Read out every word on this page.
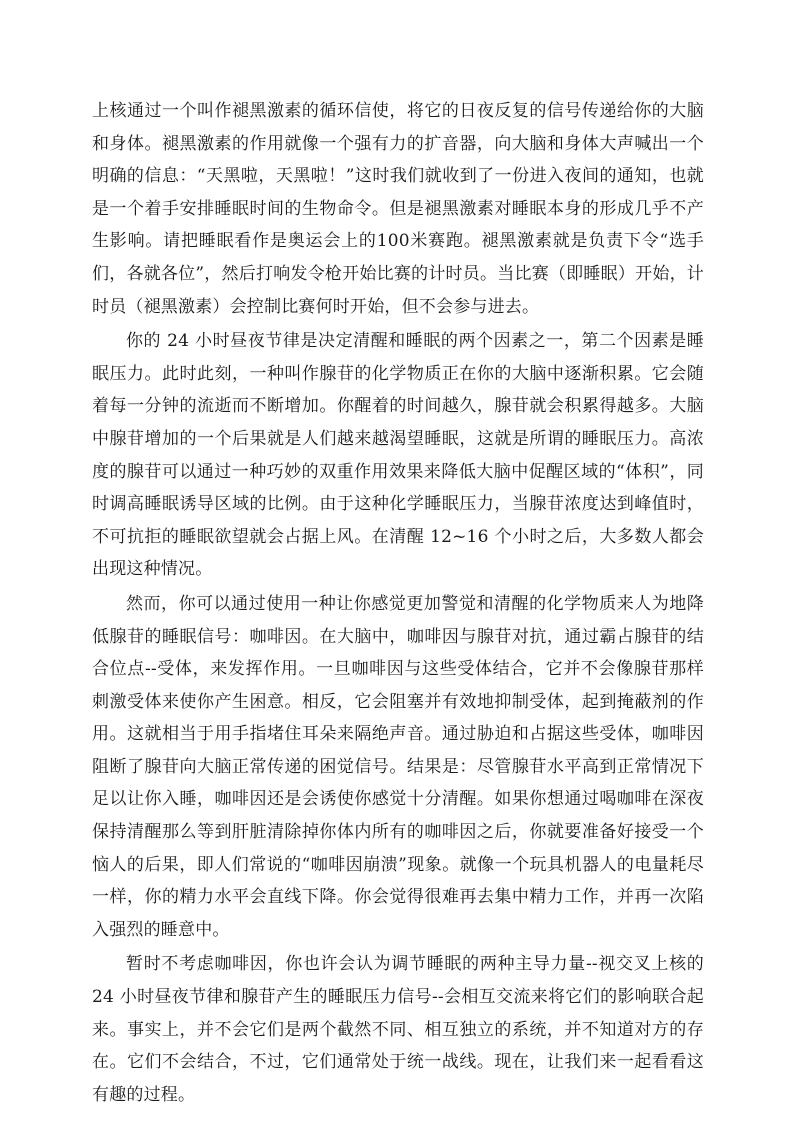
上核通过一个叫作褪黑激素的循环信使，将它的日夜反复的信号传递给你的大脑和身体。褪黑激素的作用就像一个强有力的扩音器，向大脑和身体大声喊出一个明确的信息：“天黑啦，天黑啦！”这时我们就收到了一份进入夜间的通知，也就是一个着手安排睡眠时间的生物命令。但是褪黑激素对睡眠本身的形成几乎不产生影响。请把睡眠看作是奥运会上的100米赛跑。褪黑激素就是负责下令“选手们，各就各位”，然后打响发令枪开始比赛的计时员。当比赛（即睡眠）开始，计时员（褪黑激素）会控制比赛何时开始，但不会参与进去。

你的 24 小时昼夜节律是决定清醒和睡眠的两个因素之一，第二个因素是睡眠压力。此时此刻，一种叫作腺苷的化学物质正在你的大脑中逐渐积累。它会随着每一分钟的流逝而不断增加。你醒着的时间越久，腺苷就会积累得越多。大脑中腺苷增加的一个后果就是人们越来越渴望睡眠，这就是所谓的睡眠压力。高浓度的腺苷可以通过一种巧妙的双重作用效果来降低大脑中促醒区域的“体积”，同时调高睡眠诱导区域的比例。由于这种化学睡眠压力，当腺苷浓度达到峰值时，不可抗拒的睡眠欲望就会占据上风。在清醒 12~16 个小时之后，大多数人都会出现这种情况。

然而，你可以通过使用一种让你感觉更加警觉和清醒的化学物质来人为地降低腺苷的睡眠信号：咖啡因。在大脑中，咖啡因与腺苷对抗，通过霸占腺苷的结合位点--受体，来发挥作用。一旦咖啡因与这些受体结合，它并不会像腺苷那样刺激受体来使你产生困意。相反，它会阻塞并有效地抑制受体，起到掩蔽剂的作用。这就相当于用手指堵住耳朵来隔绝声音。通过胁迫和占据这些受体，咖啡因阻断了腺苷向大脑正常传递的困觉信号。结果是：尽管腺苷水平高到正常情况下足以让你入睡，咖啡因还是会诱使你感觉十分清醒。如果你想通过喝咖啡在深夜保持清醒那么等到肝脏清除掉你体内所有的咖啡因之后，你就要准备好接受一个恼人的后果，即人们常说的“咖啡因崩溃”现象。就像一个玩具机器人的电量耗尽一样，你的精力水平会直线下降。你会觉得很难再去集中精力工作，并再一次陷入强烈的睡意中。

暂时不考虑咖啡因，你也许会认为调节睡眠的两种主导力量--视交叉上核的 24 小时昼夜节律和腺苷产生的睡眠压力信号--会相互交流来将它们的影响联合起来。事实上，并不会它们是两个截然不同、相互独立的系统，并不知道对方的存在。它们不会结合，不过，它们通常处于统一战线。现在，让我们来一起看看这有趣的过程。
